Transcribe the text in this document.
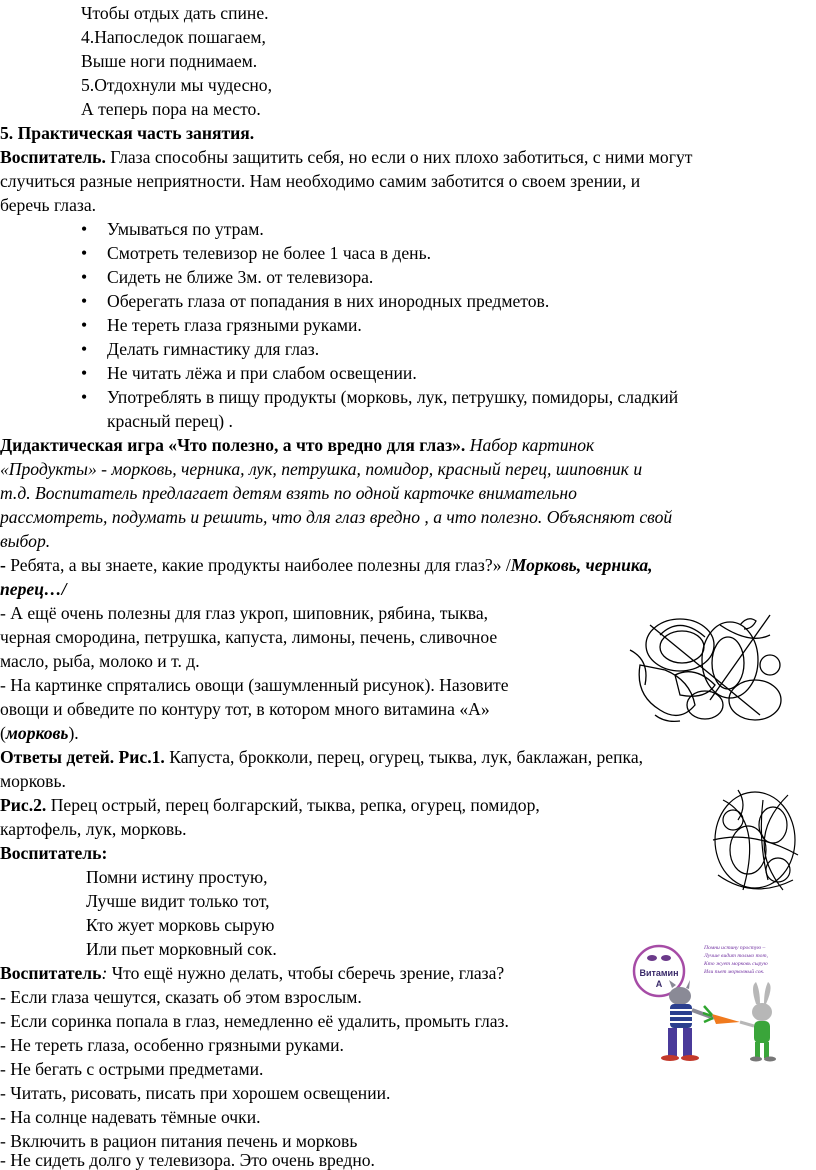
Чтобы отдых дать спине.
4.Напоследок пошагаем,
Выше ноги поднимаем.
5.Отдохнули мы чудесно,
А теперь пора на место.
5. Практическая часть занятия.
Воспитатель. Глаза способны защитить себя, но если о них плохо заботиться, с ними могут
случиться разные неприятности. Нам необходимо самим заботится о своем зрении, и
беречь глаза.
• Умываться по утрам.
• Смотреть телевизор не более 1 часа в день.
• Сидеть не ближе 3м. от телевизора.
• Оберегать глаза от попадания в них инородных предметов.
• Не тереть глаза грязными руками.
• Делать гимнастику для глаз.
• Не читать лёжа и при слабом освещении.
• Употреблять в пищу продукты (морковь, лук, петрушку, помидоры, сладкий
красный перец) .
Дидактическая игра «Что полезно, а что вредно для глаз». Набор картинок
«Продукты» - морковь, черника, лук, петрушка, помидор, красный перец, шиповник и
т.д. Воспитатель предлагает детям взять по одной карточке внимательно
рассмотреть, подумать и решить, что для глаз вредно , а что полезно. Объясняют свой
выбор.
- Ребята, а вы знаете, какие продукты наиболее полезны для глаз?» /Морковь, черника,
перец…/
- А ещё очень полезны для глаз укроп, шиповник, рябина, тыква,
черная смородина, петрушка, капуста, лимоны, печень, сливочное
масло, рыба, молоко и т. д.
- На картинке спрятались овощи (зашумленный рисунок). Назовите
овощи и обведите по контуру тот, в котором много витамина «А»
(морковь).
Ответы детей. Рис.1. Капуста, брокколи, перец, огурец, тыква, лук, баклажан, репка,
морковь.
Рис.2. Перец острый, перец болгарский, тыква, репка, огурец, помидор,
картофель, лук, морковь.
Воспитатель:
Помни истину простую,
Лучше видит только тот,
Кто жует морковь сырую
Или пьет морковный сок.
Воспитатель: Что ещё нужно делать, чтобы сберечь зрение, глаза?
- Если глаза чешутся, сказать об этом взрослым.
- Если соринка попала в глаз, немедленно её удалить, промыть глаз.
- Не тереть глаза, особенно грязными руками.
- Не бегать с острыми предметами.
- Читать, рисовать, писать при хорошем освещении.
- На солнце надевать тёмные очки.
- Включить в рацион питания печень и морковь
- Не сидеть долго у телевизора. Это очень вредно.
Витамин
А
Помни истину простую –
Лучше видит только тот,
Кто жует морковь сырую
Или пьет морковный сок.
